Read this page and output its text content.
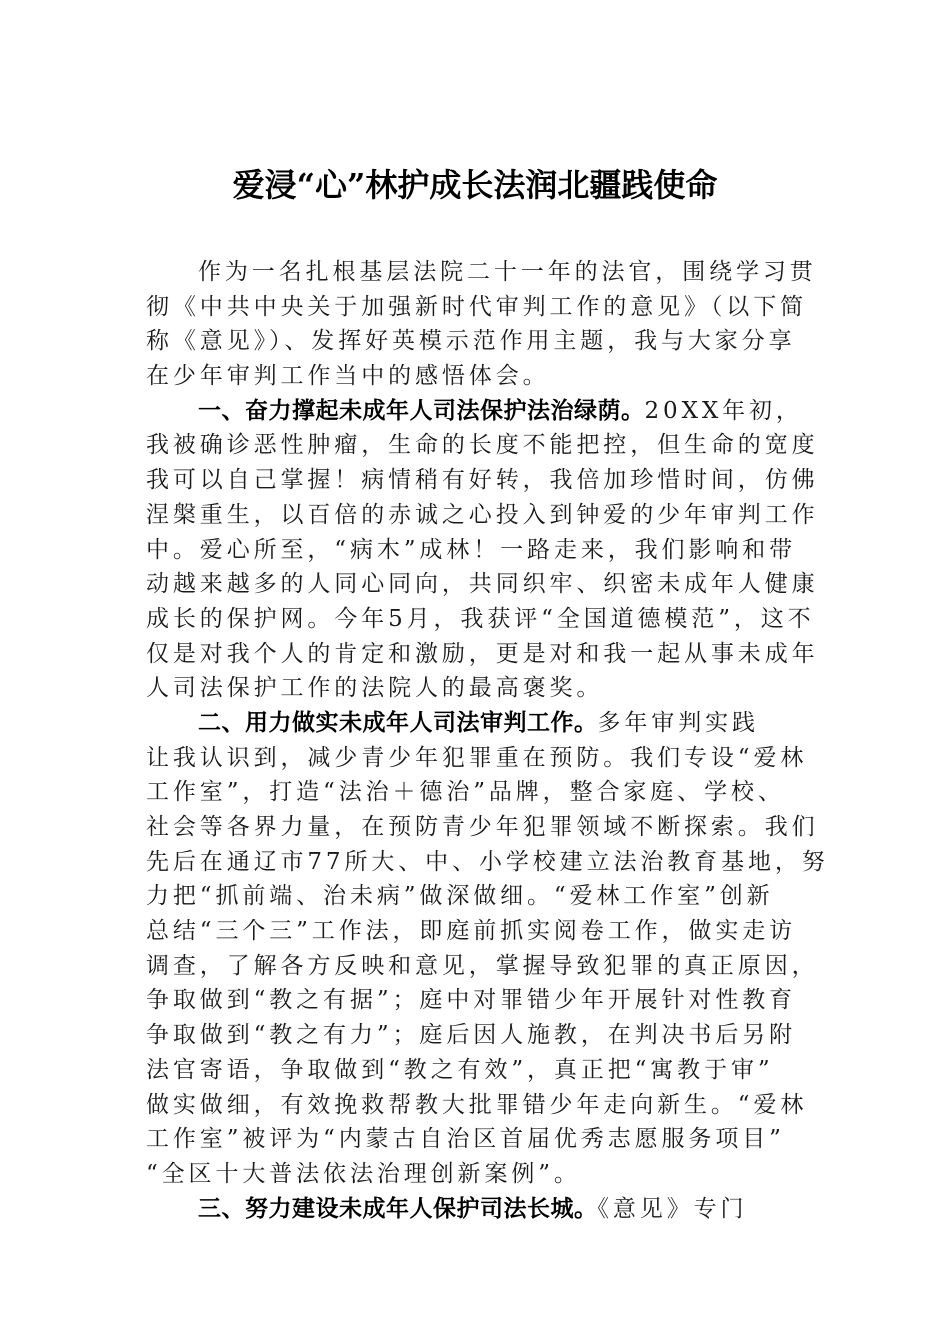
爱浸“心”林护成长法润北疆践使命
作为一名扎根基层法院二十一年的法官，围绕学习贯
彻《中共中央关于加强新时代审判工作的意见》（以下简
称《意见》）、发挥好英模示范作用主题，我与大家分享
在少年审判工作当中的感悟体会。
一、奋力撑起未成年人司法保护法治绿荫。20XX年初，
我被确诊恶性肿瘤，生命的长度不能把控，但生命的宽度
我可以自己掌握！病情稍有好转，我倍加珍惜时间，仿佛
涅槃重生，以百倍的赤诚之心投入到钟爱的少年审判工作
中。爱心所至，“病木”成林！一路走来，我们影响和带
动越来越多的人同心同向，共同织牢、织密未成年人健康
成长的保护网。今年5月，我获评“全国道德模范”，这不
仅是对我个人的肯定和激励，更是对和我一起从事未成年
人司法保护工作的法院人的最高褒奖。
二、用力做实未成年人司法审判工作。多年审判实践
让我认识到，减少青少年犯罪重在预防。我们专设“爱林
工作室”，打造“法治＋德治”品牌，整合家庭、学校、
社会等各界力量，在预防青少年犯罪领域不断探索。我们
先后在通辽市77所大、中、小学校建立法治教育基地，努
力把“抓前端、治未病”做深做细。“爱林工作室”创新
总结“三个三”工作法，即庭前抓实阅卷工作，做实走访
调查，了解各方反映和意见，掌握导致犯罪的真正原因，
争取做到“教之有据”；庭中对罪错少年开展针对性教育
争取做到“教之有力”；庭后因人施教，在判决书后另附
法官寄语，争取做到“教之有效”，真正把“寓教于审”
做实做细，有效挽救帮教大批罪错少年走向新生。“爱林
工作室”被评为“内蒙古自治区首届优秀志愿服务项目”
“全区十大普法依法治理创新案例”。
三、努力建设未成年人保护司法长城。《意见》专门
